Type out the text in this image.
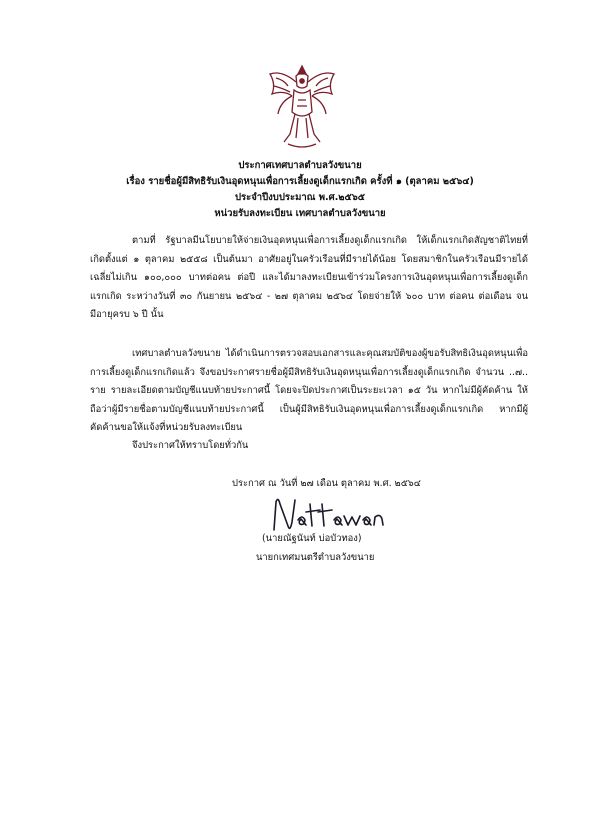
ประกาศเทศบาลตำบลวังขนาย
เรื่อง รายชื่อผู้มีสิทธิรับเงินอุดหนุนเพื่อการเลี้ยงดูเด็กแรกเกิด ครั้งที่ ๑ (ตุลาคม ๒๕๖๔)
ประจำปีงบประมาณ พ.ศ.๒๕๖๕
หน่วยรับลงทะเบียน เทศบาลตำบลวังขนาย
ตามที่ รัฐบาลมีนโยบายให้จ่ายเงินอุดหนุนเพื่อการเลี้ยงดูเด็กแรกเกิด ให้เด็กแรกเกิดสัญชาติไทยที่เกิดตั้งแต่ ๑ ตุลาคม ๒๕๕๘ เป็นต้นมา อาศัยอยู่ในครัวเรือนที่มีรายได้น้อย โดยสมาชิกในครัวเรือนมีรายได้เฉลี่ยไม่เกิน ๑๐๐,๐๐๐ บาทต่อคน ต่อปี และได้มาลงทะเบียนเข้าร่วมโครงการเงินอุดหนุนเพื่อการเลี้ยงดูเด็กแรกเกิด ระหว่างวันที่ ๓๐ กันยายน ๒๕๖๔ - ๒๗ ตุลาคม ๒๕๖๔ โดยจ่ายให้ ๖๐๐ บาท ต่อคน ต่อเดือน จนมีอายุครบ ๖ ปี นั้น
เทศบาลตำบลวังขนาย ได้ดำเนินการตรวจสอบเอกสารและคุณสมบัติของผู้ขอรับสิทธิเงินอุดหนุนเพื่อการเลี้ยงดูเด็กแรกเกิดแล้ว จึงขอประกาศรายชื่อผู้มีสิทธิรับเงินอุดหนุนเพื่อการเลี้ยงดูเด็กแรกเกิด จำนวน ..๗.. ราย รายละเอียดตามบัญชีแนบท้ายประกาศนี้ โดยจะปิดประกาศเป็นระยะเวลา ๑๕ วัน หากไม่มีผู้คัดค้าน ให้ถือว่าผู้มีรายชื่อตามบัญชีแนบท้ายประกาศนี้ เป็นผู้มีสิทธิรับเงินอุดหนุนเพื่อการเลี้ยงดูเด็กแรกเกิด หากมีผู้คัดค้านขอให้แจ้งที่หน่วยรับลงทะเบียน
จึงประกาศให้ทราบโดยทั่วกัน
ประกาศ ณ วันที่ ๒๗ เดือน ตุลาคม พ.ศ. ๒๕๖๔
(นายณัฐนันท์ บ่อบัวทอง)
นายกเทศมนตรีตำบลวังขนาย
